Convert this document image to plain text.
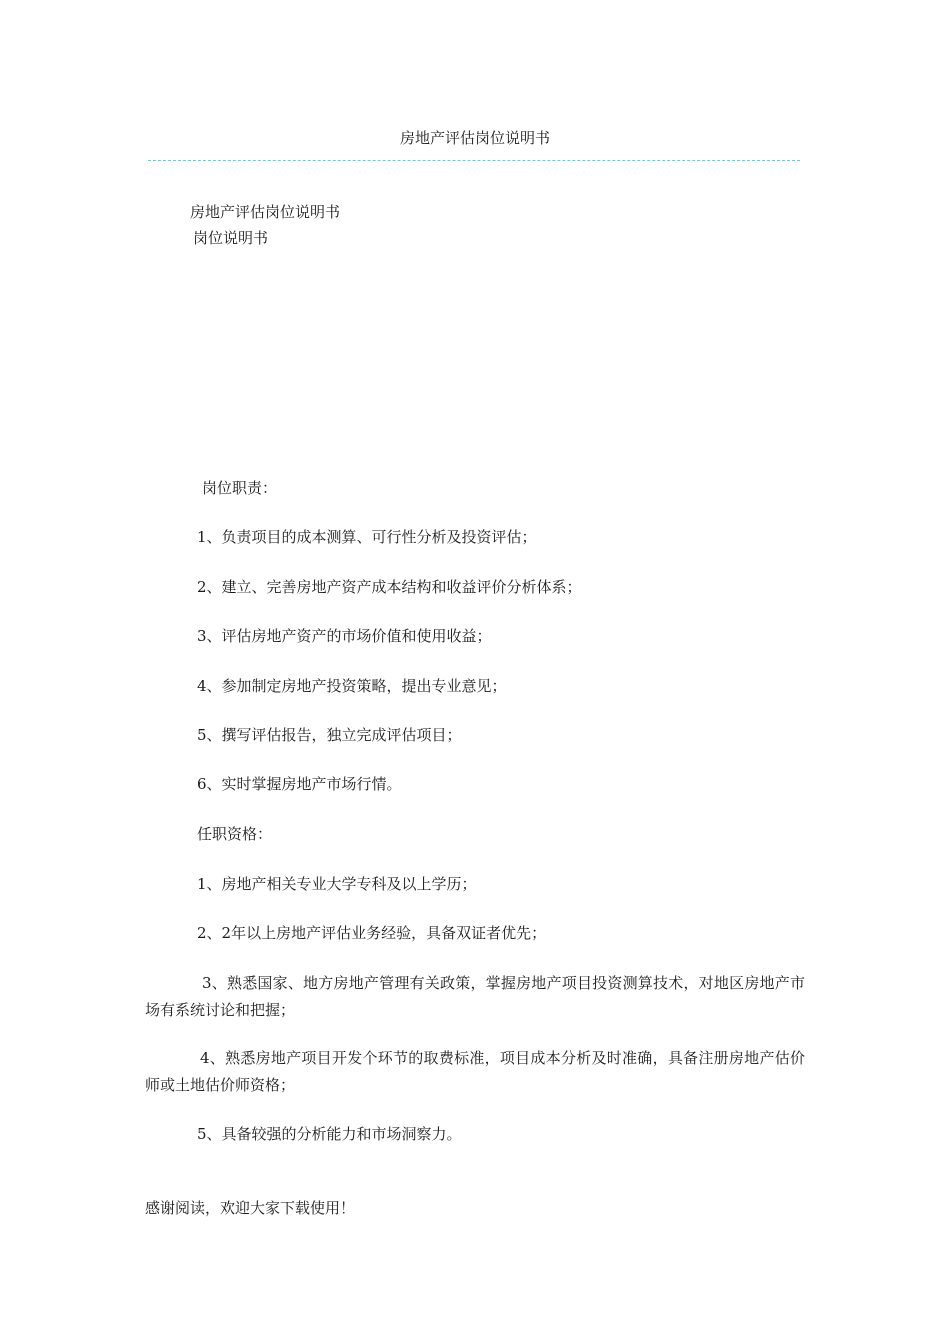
房地产评估岗位说明书
房地产评估岗位说明书
岗位说明书
岗位职责：
1、负责项目的成本测算、可行性分析及投资评估；
2、建立、完善房地产资产成本结构和收益评价分析体系；
3、评估房地产资产的市场价值和使用收益；
4、参加制定房地产投资策略，提出专业意见；
5、撰写评估报告，独立完成评估项目；
6、实时掌握房地产市场行情。
任职资格：
1、房地产相关专业大学专科及以上学历；
2、2年以上房地产评估业务经验，具备双证者优先；
3、熟悉国家、地方房地产管理有关政策，掌握房地产项目投资测算技术，对地区房地产市场有系统讨论和把握；
4、熟悉房地产项目开发个环节的取费标准，项目成本分析及时准确，具备注册房地产估价师或土地估价师资格；
5、具备较强的分析能力和市场洞察力。
感谢阅读，欢迎大家下载使用！
